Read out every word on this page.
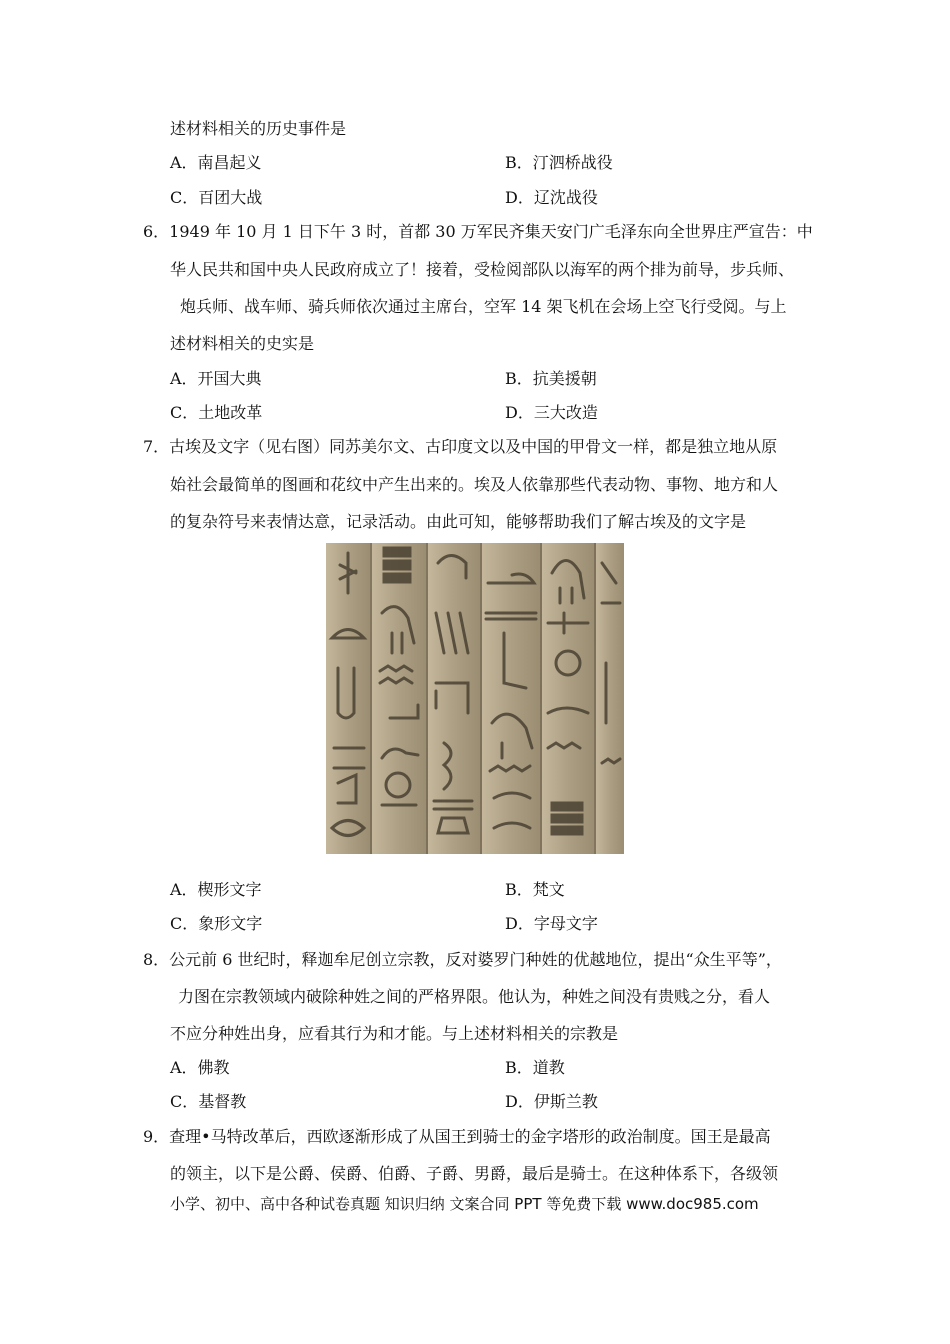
述材料相关的历史事件是
A．南昌起义	B．汀泗桥战役
C．百团大战	D．辽沈战役
6．1949 年 10 月 1 日下午 3 时，首都 30 万军民齐集天安门广毛泽东向全世界庄严宣告：中
华人民共和国中央人民政府成立了！接着，受检阅部队以海军的两个排为前导，步兵师、
炮兵师、战车师、骑兵师依次通过主席台，空军 14 架飞机在会场上空飞行受阅。与上
述材料相关的史实是
A．开国大典	B．抗美援朝
C．土地改革	D．三大改造
7．古埃及文字（见右图）同苏美尔文、古印度文以及中国的甲骨文一样，都是独立地从原
始社会最简单的图画和花纹中产生出来的。埃及人依靠那些代表动物、事物、地方和人
的复杂符号来表情达意，记录活动。由此可知，能够帮助我们了解古埃及的文字是
A．楔形文字	B．梵文
C．象形文字	D．字母文字
8．公元前 6 世纪时，释迦牟尼创立宗教，反对婆罗门种姓的优越地位，提出“众生平等”，
力图在宗教领域内破除种姓之间的严格界限。他认为，种姓之间没有贵贱之分，看人
不应分种姓出身，应看其行为和才能。与上述材料相关的宗教是
A．佛教	B．道教
C．基督教	D．伊斯兰教
9．查理•马特改革后，西欧逐渐形成了从国王到骑士的金字塔形的政治制度。国王是最高
的领主，以下是公爵、侯爵、伯爵、子爵、男爵，最后是骑士。在这种体系下，各级领
小学、初中、高中各种试卷真题 知识归纳 文案合同 PPT 等免费下载 www.doc985.com
